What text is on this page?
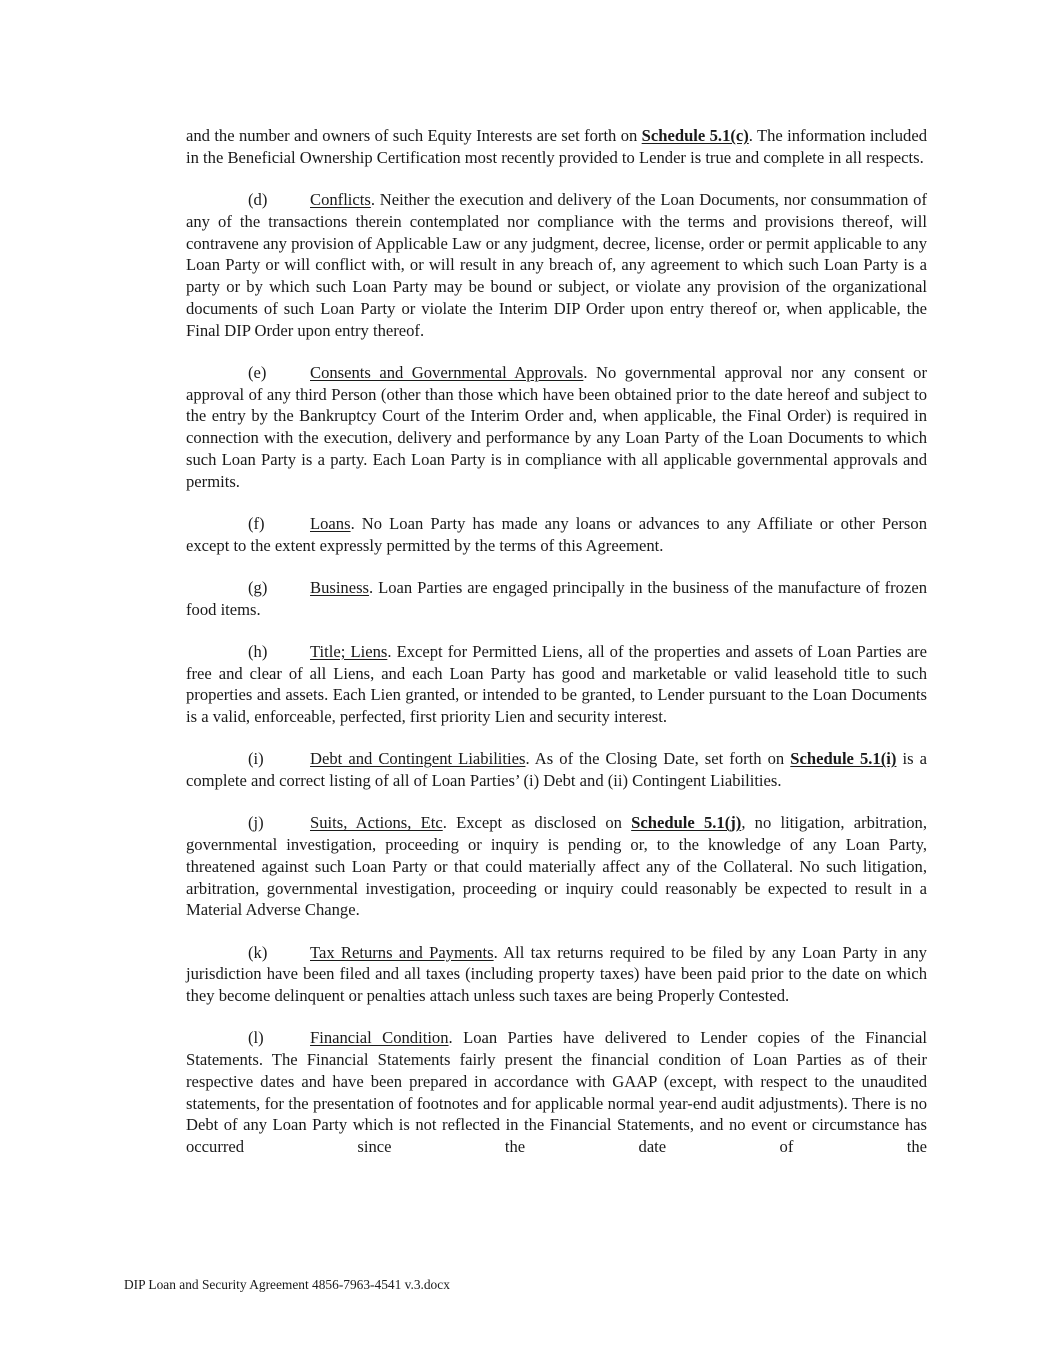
and the number and owners of such Equity Interests are set forth on Schedule 5.1(c). The information included in the Beneficial Ownership Certification most recently provided to Lender is true and complete in all respects.

(d)	Conflicts. Neither the execution and delivery of the Loan Documents, nor consummation of any of the transactions therein contemplated nor compliance with the terms and provisions thereof, will contravene any provision of Applicable Law or any judgment, decree, license, order or permit applicable to any Loan Party or will conflict with, or will result in any breach of, any agreement to which such Loan Party is a party or by which such Loan Party may be bound or subject, or violate any provision of the organizational documents of such Loan Party or violate the Interim DIP Order upon entry thereof or, when applicable, the Final DIP Order upon entry thereof.

(e)	Consents and Governmental Approvals. No governmental approval nor any consent or approval of any third Person (other than those which have been obtained prior to the date hereof and subject to the entry by the Bankruptcy Court of the Interim Order and, when applicable, the Final Order) is required in connection with the execution, delivery and performance by any Loan Party of the Loan Documents to which such Loan Party is a party. Each Loan Party is in compliance with all applicable governmental approvals and permits.

(f)	Loans. No Loan Party has made any loans or advances to any Affiliate or other Person except to the extent expressly permitted by the terms of this Agreement.

(g)	Business. Loan Parties are engaged principally in the business of the manufacture of frozen food items.

(h)	Title; Liens. Except for Permitted Liens, all of the properties and assets of Loan Parties are free and clear of all Liens, and each Loan Party has good and marketable or valid leasehold title to such properties and assets. Each Lien granted, or intended to be granted, to Lender pursuant to the Loan Documents is a valid, enforceable, perfected, first priority Lien and security interest.

(i)	Debt and Contingent Liabilities. As of the Closing Date, set forth on Schedule 5.1(i) is a complete and correct listing of all of Loan Parties’ (i) Debt and (ii) Contingent Liabilities.

(j)	Suits, Actions, Etc. Except as disclosed on Schedule 5.1(j), no litigation, arbitration, governmental investigation, proceeding or inquiry is pending or, to the knowledge of any Loan Party, threatened against such Loan Party or that could materially affect any of the Collateral. No such litigation, arbitration, governmental investigation, proceeding or inquiry could reasonably be expected to result in a Material Adverse Change.

(k)	Tax Returns and Payments. All tax returns required to be filed by any Loan Party in any jurisdiction have been filed and all taxes (including property taxes) have been paid prior to the date on which they become delinquent or penalties attach unless such taxes are being Properly Contested.

(l)	Financial Condition. Loan Parties have delivered to Lender copies of the Financial Statements. The Financial Statements fairly present the financial condition of Loan Parties as of their respective dates and have been prepared in accordance with GAAP (except, with respect to the unaudited statements, for the presentation of footnotes and for applicable normal year-end audit adjustments). There is no Debt of any Loan Party which is not reflected in the Financial Statements, and no event or circumstance has occurred since the date of the

DIP Loan and Security Agreement 4856-7963-4541 v.3.docx
